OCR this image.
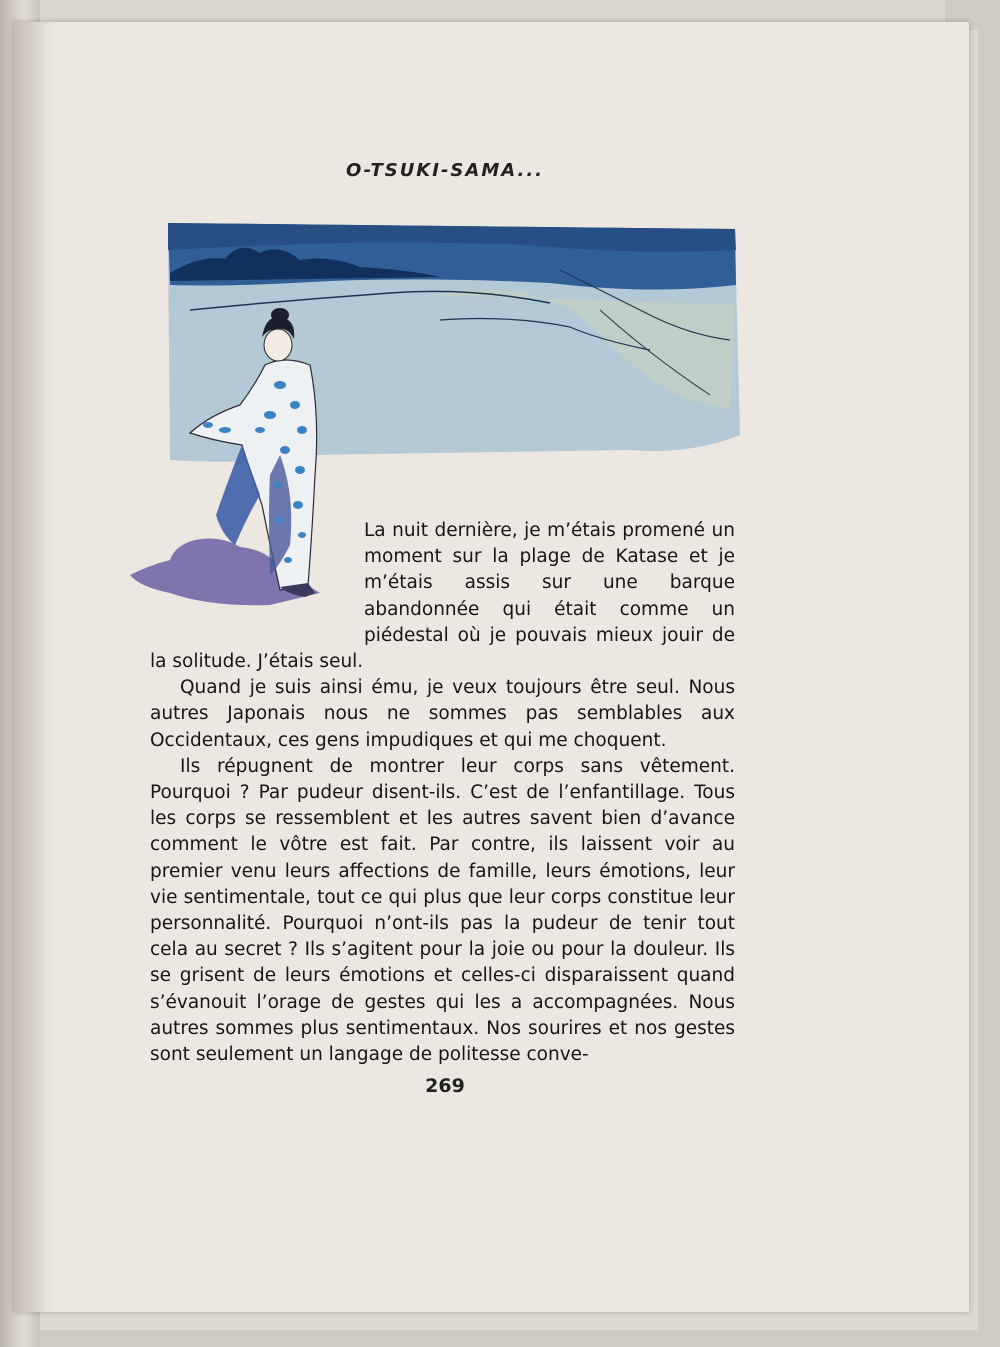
O-TSUKI-SAMA...

La nuit dernière, je m’étais promené un moment sur la plage de Katase et je m’étais assis sur une barque abandonnée qui était comme un piédestal où je pouvais mieux jouir de la solitude. J’étais seul.

Quand je suis ainsi ému, je veux toujours être seul. Nous autres Japonais nous ne sommes pas semblables aux Occidentaux, ces gens impudiques et qui me choquent.

Ils répugnent de montrer leur corps sans vêtement. Pourquoi ? Par pudeur disent-ils. C’est de l’enfantillage. Tous les corps se ressemblent et les autres savent bien d’avance comment le vôtre est fait. Par contre, ils laissent voir au premier venu leurs affections de famille, leurs émotions, leur vie sentimentale, tout ce qui plus que leur corps constitue leur personnalité. Pourquoi n’ont-ils pas la pudeur de tenir tout cela au secret ? Ils s’agitent pour la joie ou pour la douleur. Ils se grisent de leurs émotions et celles-ci disparaissent quand s’évanouit l’orage de gestes qui les a accompagnées. Nous autres sommes plus sentimentaux. Nos sourires et nos gestes sont seulement un langage de politesse conve-

269
